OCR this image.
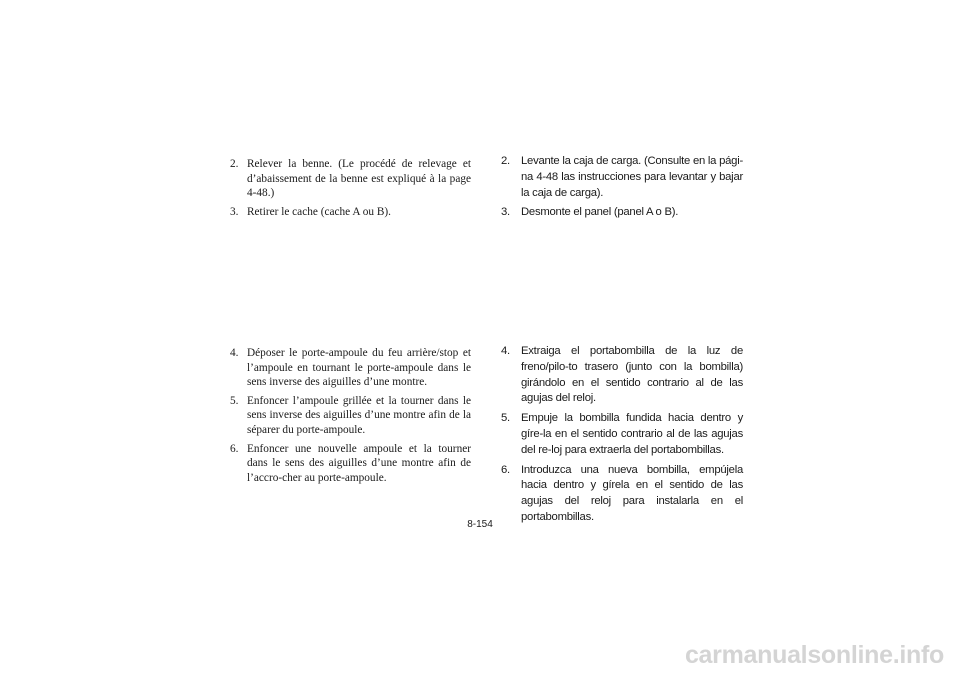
2. Relever la benne. (Le procédé de relevage et d’abaissement de la benne est expliqué à la page 4-48.)
3. Retirer le cache (cache A ou B).
4. Déposer le porte-ampoule du feu arrière/stop et l’ampoule en tournant le porte-ampoule dans le sens inverse des aiguilles d’une montre.
5. Enfoncer l’ampoule grillée et la tourner dans le sens inverse des aiguilles d’une montre afin de la séparer du porte-ampoule.
6. Enfoncer une nouvelle ampoule et la tourner dans le sens des aiguilles d’une montre afin de l’accro-cher au porte-ampoule.
2. Levante la caja de carga. (Consulte en la pági-na 4-48 las instrucciones para levantar y bajar la caja de carga).
3. Desmonte el panel (panel A o B).
4. Extraiga el portabombilla de la luz de freno/pilo-to trasero (junto con la bombilla) girándolo en el sentido contrario al de las agujas del reloj.
5. Empuje la bombilla fundida hacia dentro y gíre-la en el sentido contrario al de las agujas del re-loj para extraerla del portabombillas.
6. Introduzca una nueva bombilla, empújela hacia dentro y gírela en el sentido de las agujas del reloj para instalarla en el portabombillas.
8-154
carmanualsonline.info
